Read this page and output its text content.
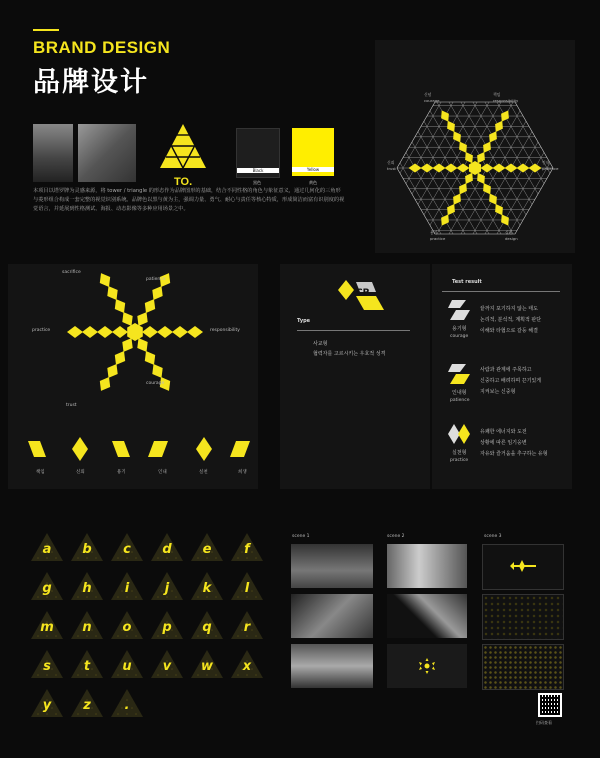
BRAND DESIGN
品牌设计
TO.
Black
黑色
Yellow
黄色
本项目以塔罗牌为灵感来源，将 tower / triangle 的形态作为品牌图形的基础，结合不同性格的角色与象征意义，通过几何化的三角形与菱形组合构成一套完整的视觉识别系统。品牌色以黑与黄为主，强调力量、勇气、耐心与责任等核心特质，形成简洁而富有识别度的视觉语言，并延展到性格测试、海报、动态影像等多种应用场景之中。
신념
courage
책임
responsibility
신뢰
trust
인내
patience
용기
practice
실천
design
sacrifice
patience
practice	responsibility
courage
trust
책임	신뢰	용기	인내	실천	희생
CP
Type
사교형
협력자를 고르시키는 우호적 성격
Test result
용기형
courage
끝까지 포기하지 않는 태도
논리적, 분석적, 계획적 판단
이해와 타협으로 갈등 해결
인내형
patience
사람과 관계에 주목하고
신중하고 배려하며 끈기있게
지켜보는 신중형
실천형
practice
유쾌한 에너지와 도전
상황에 따른 임기응변
자유와 즐거움을 추구하는 유형
a	b	c	d	e	f
g	h	i	j	k	l
m	n	o	p	q	r
s	t	u	v	w	x
y	z	.
scene 1	scene 2	scene 3
扫码查看
